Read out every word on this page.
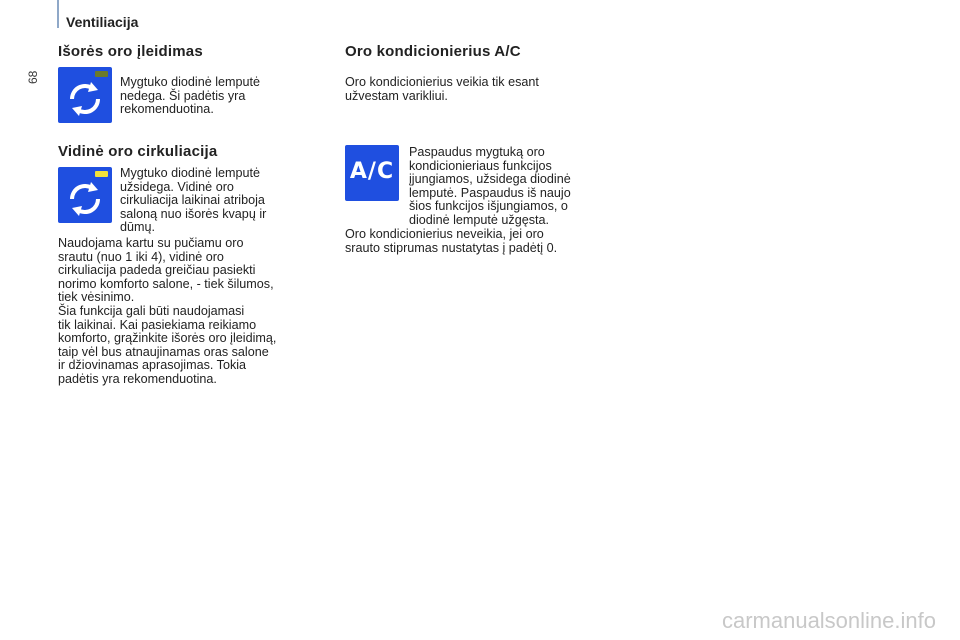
Ventiliacija
68
Išorės oro įleidimas

Mygtuko diodinė lemputė
nedega. Ši padėtis yra
rekomenduotina.

Vidinė oro cirkuliacija

Mygtuko diodinė lemputė
užsidega. Vidinė oro
cirkuliacija laikinai atriboja
saloną nuo išorės kvapų ir
dūmų.

Naudojama kartu su pučiamu oro
srautu (nuo 1 iki 4), vidinė oro
cirkuliacija padeda greičiau pasiekti
norimo komforto salone, - tiek šilumos,
tiek vėsinimo.

Šia funkcija gali būti naudojamasi
tik laikinai. Kai pasiekiama reikiamo
komforto, grąžinkite išorės oro įleidimą,
taip vėl bus atnaujinamas oras salone
ir džiovinamas aprasojimas. Tokia
padėtis yra rekomenduotina.

Oro kondicionierius A/C

Oro kondicionierius veikia tik esant
užvestam varikliui.

A/C

Paspaudus mygtuką oro
kondicionieriaus funkcijos
įjungiamos, užsidega diodinė
lemputė. Paspaudus iš naujo
šios funkcijos išjungiamos, o
diodinė lemputė užgęsta.

Oro kondicionierius neveikia, jei oro
srauto stiprumas nustatytas į padėtį 0.

carmanualsonline.info
